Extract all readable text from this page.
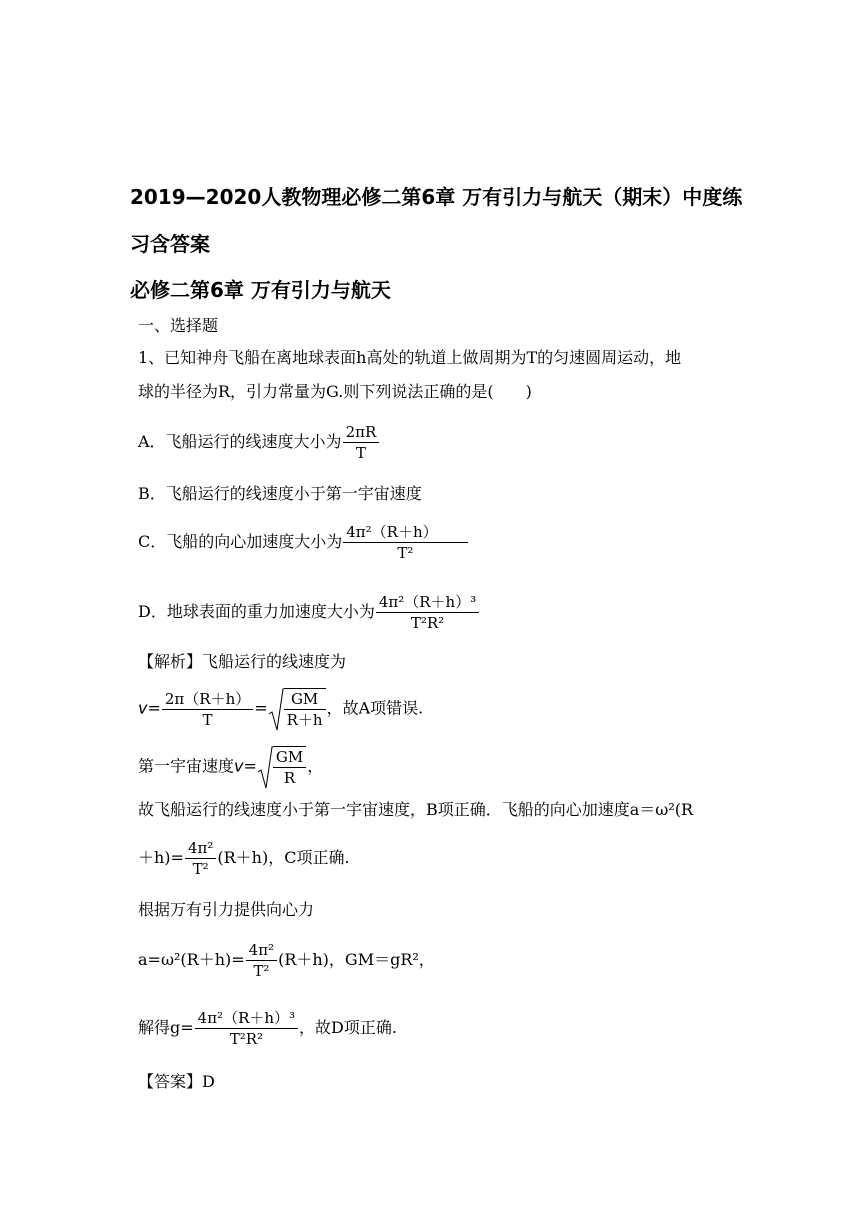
2019—2020人教物理必修二第6章 万有引力与航天（期末）中度练
习含答案
必修二第6章 万有引力与航天
一、选择题
1、已知神舟飞船在离地球表面h高处的轨道上做周期为T的匀速圆周运动，地
球的半径为R，引力常量为G.则下列说法正确的是(　　)
A．飞船运行的线速度大小为 $\frac{2\pi R}{T}$
B．飞船运行的线速度小于第一宇宙速度
C．飞船的向心加速度大小为 $\frac{\text{4π²（R＋h）}}{\text{T²}}$
D．地球表面的重力加速度大小为 $\frac{\text{4π²（R＋h）³}}{\text{T²R²}}$
【解析】飞船运行的线速度为
$v= \frac{2\pi(R+h)}{T} = \frac{GM}{R+h}$ ，故A项错误.
第一宇宙速度$v= \frac{GM}{R}$ ，
故飞船运行的线速度小于第一宇宙速度，B项正确．飞船的向心加速度a＝ω²(R
$+h)= \frac{\text{4π²}}{\text{T²}} (R+h)$，C项正确.
根据万有引力提供向心力
$a=\omega^2(R+h)= \frac{\text{4π²}}{\text{T²}} (R+h)$，GM＝gR²，
解得$g= \frac{\text{4π²（R＋h）³}}{\text{T²R²}}$ ，故D项正确.
【答案】D
